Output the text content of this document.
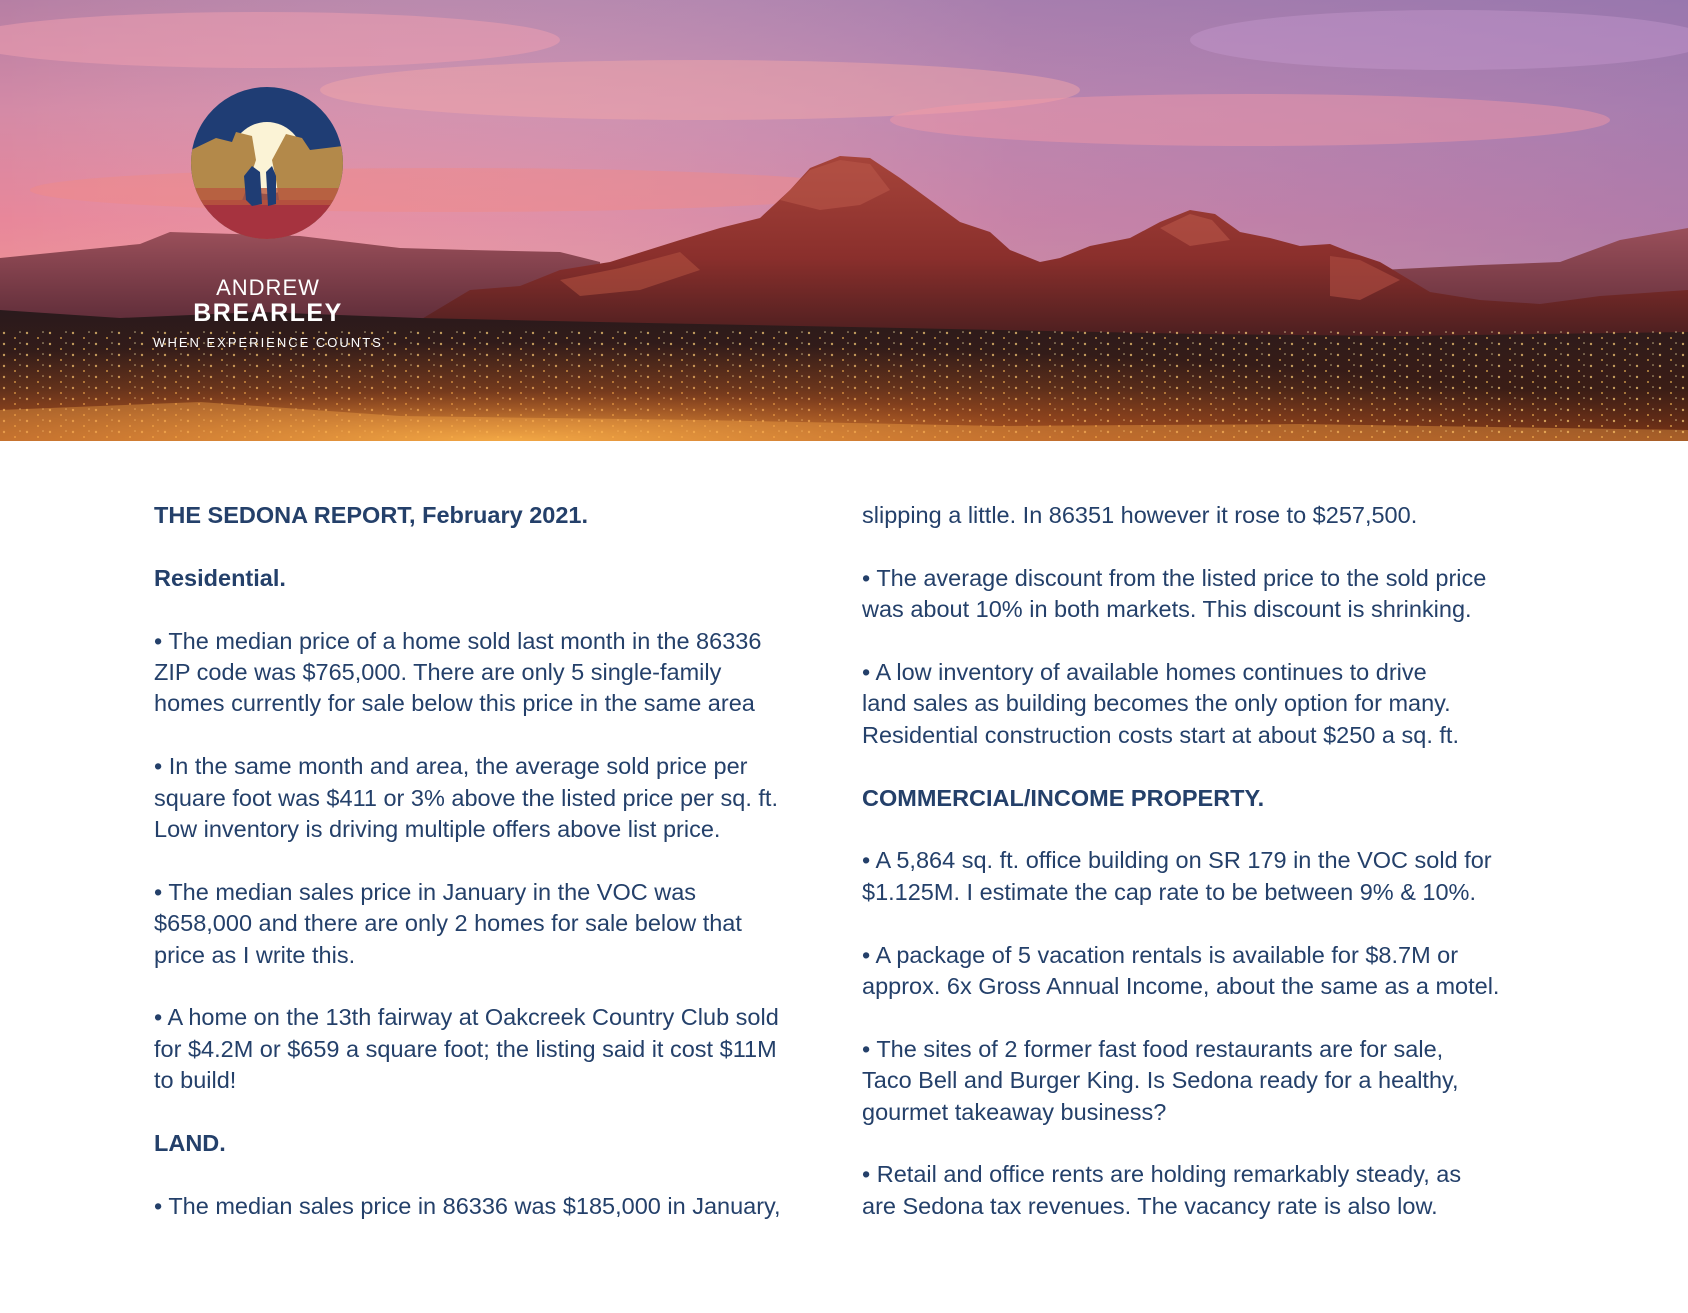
ANDREW
BREARLEY
WHEN EXPERIENCE COUNTS

THE SEDONA REPORT, February 2021.

Residential.

• The median price of a home sold last month in the 86336
ZIP code was $765,000. There are only 5 single-family
homes currently for sale below this price in the same area

• In the same month and area, the average sold price per
square foot was $411 or 3% above the listed price per sq. ft.
Low inventory is driving multiple offers above list price.

• The median sales price in January in the VOC was
$658,000 and there are only 2 homes for sale below that
price as I write this.

• A home on the 13th fairway at Oakcreek Country Club sold
for $4.2M or $659 a square foot; the listing said it cost $11M
to build!

LAND.

• The median sales price in 86336 was $185,000 in January,

slipping a little. In 86351 however it rose to $257,500.

• The average discount from the listed price to the sold price
was about 10% in both markets. This discount is shrinking.

• A low inventory of available homes continues to drive
land sales as building becomes the only option for many.
Residential construction costs start at about $250 a sq. ft.

COMMERCIAL/INCOME PROPERTY.

• A 5,864 sq. ft. office building on SR 179 in the VOC sold for
$1.125M. I estimate the cap rate to be between 9% & 10%.

• A package of 5 vacation rentals is available for $8.7M or
approx. 6x Gross Annual Income, about the same as a motel.

• The sites of 2 former fast food restaurants are for sale,
Taco Bell and Burger King. Is Sedona ready for a healthy,
gourmet takeaway business?

• Retail and office rents are holding remarkably steady, as
are Sedona tax revenues. The vacancy rate is also low.
